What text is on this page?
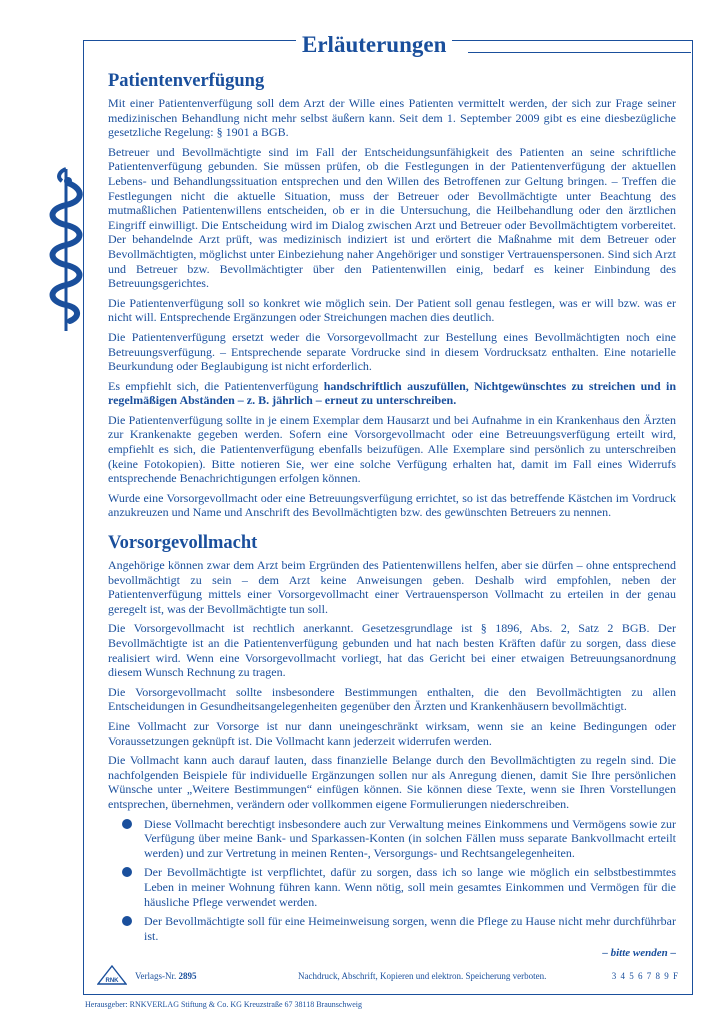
Erläuterungen
Patientenverfügung

Mit einer Patientenverfügung soll dem Arzt der Wille eines Patienten vermittelt werden, der sich zur Frage seiner medizinischen Behandlung nicht mehr selbst äußern kann. Seit dem 1. September 2009 gibt es eine diesbezügliche gesetzliche Regelung: § 1901 a BGB.

Betreuer und Bevollmächtigte sind im Fall der Entscheidungsunfähigkeit des Patienten an seine schriftliche Patientenverfügung gebunden. Sie müssen prüfen, ob die Festlegungen in der Patientenverfügung der aktuellen Lebens- und Behandlungssituation entsprechen und den Willen des Betroffenen zur Geltung bringen. – Treffen die Festlegungen nicht die aktuelle Situation, muss der Betreuer oder Bevollmächtigte unter Beachtung des mutmaßlichen Patientenwillens entscheiden, ob er in die Untersuchung, die Heilbehandlung oder den ärztlichen Eingriff einwilligt. Die Entscheidung wird im Dialog zwischen Arzt und Betreuer oder Bevollmächtigtem vorbereitet. Der behandelnde Arzt prüft, was medizinisch indiziert ist und erörtert die Maßnahme mit dem Betreuer oder Bevollmächtigten, möglichst unter Einbeziehung naher Angehöriger und sonstiger Vertrauenspersonen. Sind sich Arzt und Betreuer bzw. Bevollmächtigter über den Patientenwillen einig, bedarf es keiner Einbindung des Betreuungsgerichtes.

Die Patientenverfügung soll so konkret wie möglich sein. Der Patient soll genau festlegen, was er will bzw. was er nicht will. Entsprechende Ergänzungen oder Streichungen machen dies deutlich.

Die Patientenverfügung ersetzt weder die Vorsorgevollmacht zur Bestellung eines Bevollmächtigten noch eine Betreuungsverfügung. – Entsprechende separate Vordrucke sind in diesem Vordrucksatz enthalten. Eine notarielle Beurkundung oder Beglaubigung ist nicht erforderlich.

Es empfiehlt sich, die Patientenverfügung handschriftlich auszufüllen, Nichtgewünschtes zu streichen und in regelmäßigen Abständen – z. B. jährlich – erneut zu unterschreiben.

Die Patientenverfügung sollte in je einem Exemplar dem Hausarzt und bei Aufnahme in ein Krankenhaus den Ärzten zur Krankenakte gegeben werden. Sofern eine Vorsorgevollmacht oder eine Betreuungsverfügung erteilt wird, empfiehlt es sich, die Patientenverfügung ebenfalls beizufügen. Alle Exemplare sind persönlich zu unterschreiben (keine Fotokopien). Bitte notieren Sie, wer eine solche Verfügung erhalten hat, damit im Fall eines Widerrufs entsprechende Benachrichtigungen erfolgen können.

Wurde eine Vorsorgevollmacht oder eine Betreuungsverfügung errichtet, so ist das betreffende Kästchen im Vordruck anzukreuzen und Name und Anschrift des Bevollmächtigten bzw. des gewünschten Betreuers zu nennen.

Vorsorgevollmacht

Angehörige können zwar dem Arzt beim Ergründen des Patientenwillens helfen, aber sie dürfen – ohne entsprechend bevollmächtigt zu sein – dem Arzt keine Anweisungen geben. Deshalb wird empfohlen, neben der Patientenverfügung mittels einer Vorsorgevollmacht einer Vertrauensperson Vollmacht zu erteilen in der genau geregelt ist, was der Bevollmächtigte tun soll.

Die Vorsorgevollmacht ist rechtlich anerkannt. Gesetzesgrundlage ist § 1896, Abs. 2, Satz 2 BGB. Der Bevollmächtigte ist an die Patientenverfügung gebunden und hat nach besten Kräften dafür zu sorgen, dass diese realisiert wird. Wenn eine Vorsorgevollmacht vorliegt, hat das Gericht bei einer etwaigen Betreuungsanordnung diesem Wunsch Rechnung zu tragen.

Die Vorsorgevollmacht sollte insbesondere Bestimmungen enthalten, die den Bevollmächtigten zu allen Entscheidungen in Gesundheitsangelegenheiten gegenüber den Ärzten und Krankenhäusern bevollmächtigt.

Eine Vollmacht zur Vorsorge ist nur dann uneingeschränkt wirksam, wenn sie an keine Bedingungen oder Voraussetzungen geknüpft ist. Die Vollmacht kann jederzeit widerrufen werden.

Die Vollmacht kann auch darauf lauten, dass finanzielle Belange durch den Bevollmächtigten zu regeln sind. Die nachfolgenden Beispiele für individuelle Ergänzungen sollen nur als Anregung dienen, damit Sie Ihre persönlichen Wünsche unter „Weitere Bestimmungen“ einfügen können. Sie können diese Texte, wenn sie Ihren Vorstellungen entsprechen, übernehmen, verändern oder vollkommen eigene Formulierungen niederschreiben.

Diese Vollmacht berechtigt insbesondere auch zur Verwaltung meines Einkommens und Vermögens sowie zur Verfügung über meine Bank- und Sparkassen-Konten (in solchen Fällen muss separate Bankvollmacht erteilt werden) und zur Vertretung in meinen Renten-, Versorgungs- und Rechtsangelegenheiten.
Der Bevollmächtigte ist verpflichtet, dafür zu sorgen, dass ich so lange wie möglich ein selbstbestimmtes Leben in meiner Wohnung führen kann. Wenn nötig, soll mein gesamtes Einkommen und Vermögen für die häusliche Pflege verwendet werden.
Der Bevollmächtigte soll für eine Heimeinweisung sorgen, wenn die Pflege zu Hause nicht mehr durchführbar ist.
– bitte wenden –
RNK Verlags-Nr. 2895	Nachdruck, Abschrift, Kopieren und elektron. Speicherung verboten.	3 4 5 6 7 8 9 F
Herausgeber: RNKVERLAG Stiftung & Co. KG Kreuzstraße 67 38118 Braunschweig
